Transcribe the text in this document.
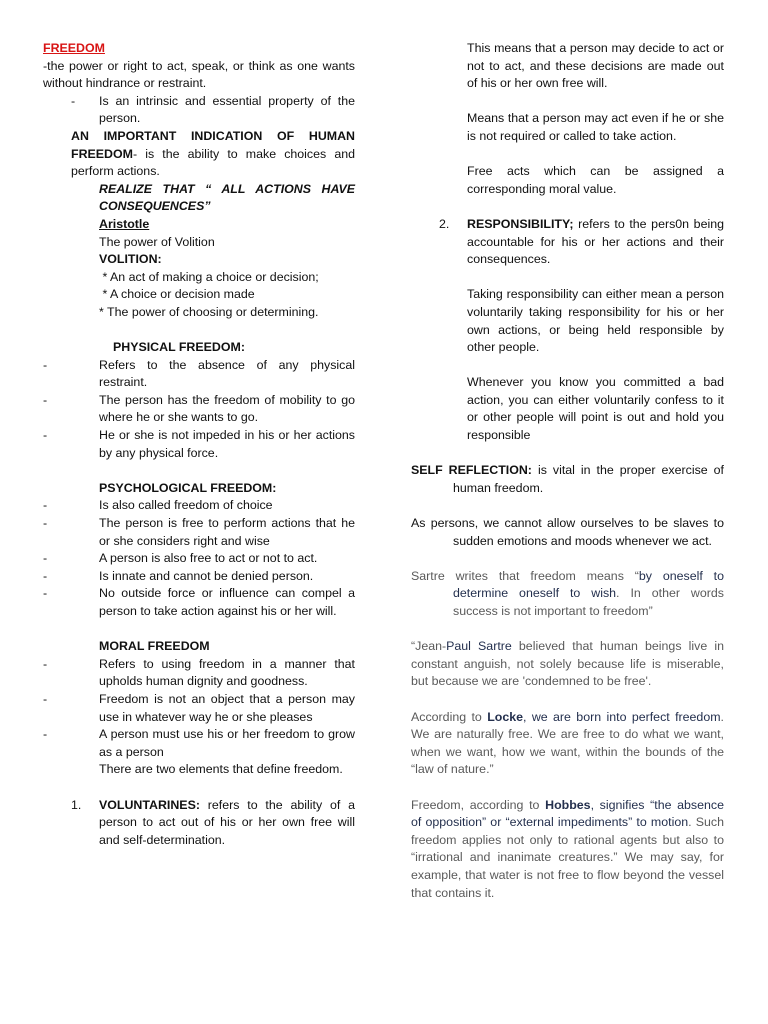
FREEDOM

-the power or right to act, speak, or think as one wants without hindrance or restraint.

-	Is an intrinsic and essential property of the person.

AN IMPORTANT INDICATION OF HUMAN FREEDOM- is the ability to make choices and perform actions.

REALIZE THAT “ ALL ACTIONS HAVE CONSEQUENCES”

Aristotle

The power of Volition

VOLITION:

* An act of making a choice or decision;

* A choice or decision made

* The power of choosing or determining.

PHYSICAL FREEDOM:

-	Refers to the absence of any physical restraint.
-	The person has the freedom of mobility to go where he or she wants to go.
-	He or she is not impeded in his or her actions by any physical force.

PSYCHOLOGICAL FREEDOM:

-	Is also called freedom of choice
-	The person is free to perform actions that he or she considers right and wise
-	A person is also free to act or not to act.
-	Is innate and cannot be denied person.
-	No outside force or influence can compel a person to take action against his or her will.

MORAL FREEDOM

-	Refers to using freedom in a manner that upholds human dignity and goodness.
-	Freedom is not an object that a person may use in whatever way he or she pleases
-	A person must use his or her freedom to grow as a person

There are two elements that define freedom.

1.	VOLUNTARINES: refers to the ability of a person to act out of his or her own free will and self-determination.

This means that a person may decide to act or not to act, and these decisions are made out of his or her own free will.

Means that a person may act even if he or she is not required or called to take action.

Free acts which can be assigned a corresponding moral value.

2.	RESPONSIBILITY; refers to the pers0n being accountable for his or her actions and their consequences.

Taking responsibility can either mean a person voluntarily taking responsibility for his or her own actions, or being held responsible by other people.

Whenever you know you committed a bad action, you can either voluntarily confess to it or other people will point is out and hold you responsible

SELF REFLECTION: is vital in the proper exercise of human freedom.

As persons, we cannot allow ourselves to be slaves to sudden emotions and moods whenever we act.

Sartre writes that freedom means “by oneself to determine oneself to wish. In other words success is not important to freedom”

“Jean-Paul Sartre believed that human beings live in constant anguish, not solely because life is miserable, but because we are 'condemned to be free'.

According to Locke, we are born into perfect freedom. We are naturally free. We are free to do what we want, when we want, how we want, within the bounds of the “law of nature.”

Freedom, according to Hobbes, signifies “the absence of opposition” or “external impediments” to motion. Such freedom applies not only to rational agents but also to “irrational and inanimate creatures.” We may say, for example, that water is not free to flow beyond the vessel that contains it.
